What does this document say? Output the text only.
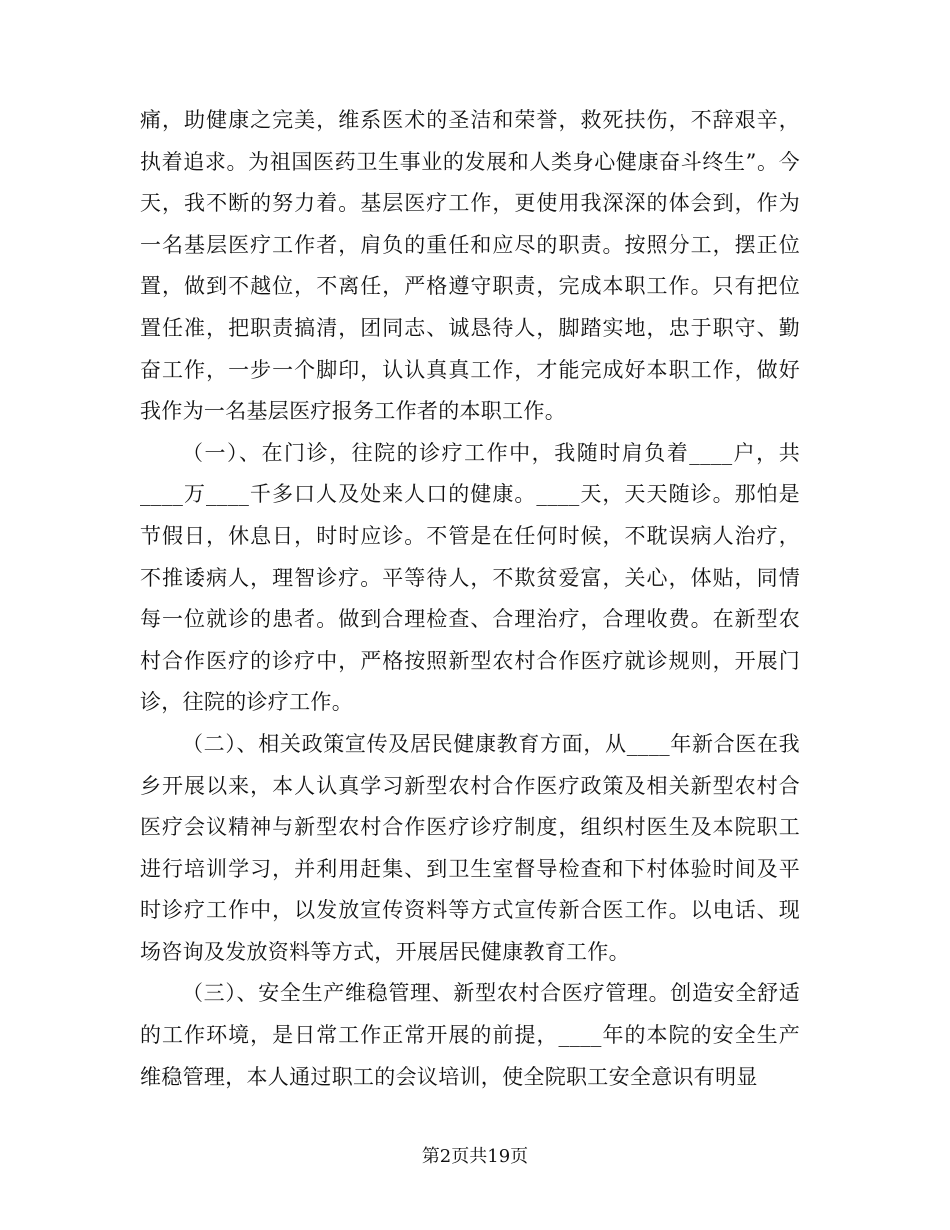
痛，助健康之完美，维系医术的圣洁和荣誉，救死扶伤，不辞艰辛，执着追求。为祖国医药卫生事业的发展和人类身心健康奋斗终生”。今天，我不断的努力着。基层医疗工作，更使用我深深的体会到，作为一名基层医疗工作者，肩负的重任和应尽的职责。按照分工，摆正位置，做到不越位，不离任，严格遵守职责，完成本职工作。只有把位置任准，把职责搞清，团同志、诚恳待人，脚踏实地，忠于职守、勤奋工作，一步一个脚印，认认真真工作，才能完成好本职工作，做好我作为一名基层医疗报务工作者的本职工作。

（一）、在门诊，往院的诊疗工作中，我随时肩负着____户，共____万____千多口人及处来人口的健康。____天，天天随诊。那怕是节假日，休息日，时时应诊。不管是在任何时候，不耽误病人治疗，不推诿病人，理智诊疗。平等待人，不欺贫爱富，关心，体贴，同情每一位就诊的患者。做到合理检查、合理治疗，合理收费。在新型农村合作医疗的诊疗中，严格按照新型农村合作医疗就诊规则，开展门诊，往院的诊疗工作。

（二）、相关政策宣传及居民健康教育方面，从____年新合医在我乡开展以来，本人认真学习新型农村合作医疗政策及相关新型农村合医疗会议精神与新型农村合作医疗诊疗制度，组织村医生及本院职工进行培训学习，并利用赶集、到卫生室督导检查和下村体验时间及平时诊疗工作中，以发放宣传资料等方式宣传新合医工作。以电话、现场咨询及发放资料等方式，开展居民健康教育工作。

（三）、安全生产维稳管理、新型农村合医疗管理。创造安全舒适的工作环境，是日常工作正常开展的前提，____年的本院的安全生产维稳管理，本人通过职工的会议培训，使全院职工安全意识有明显

第2页共19页
